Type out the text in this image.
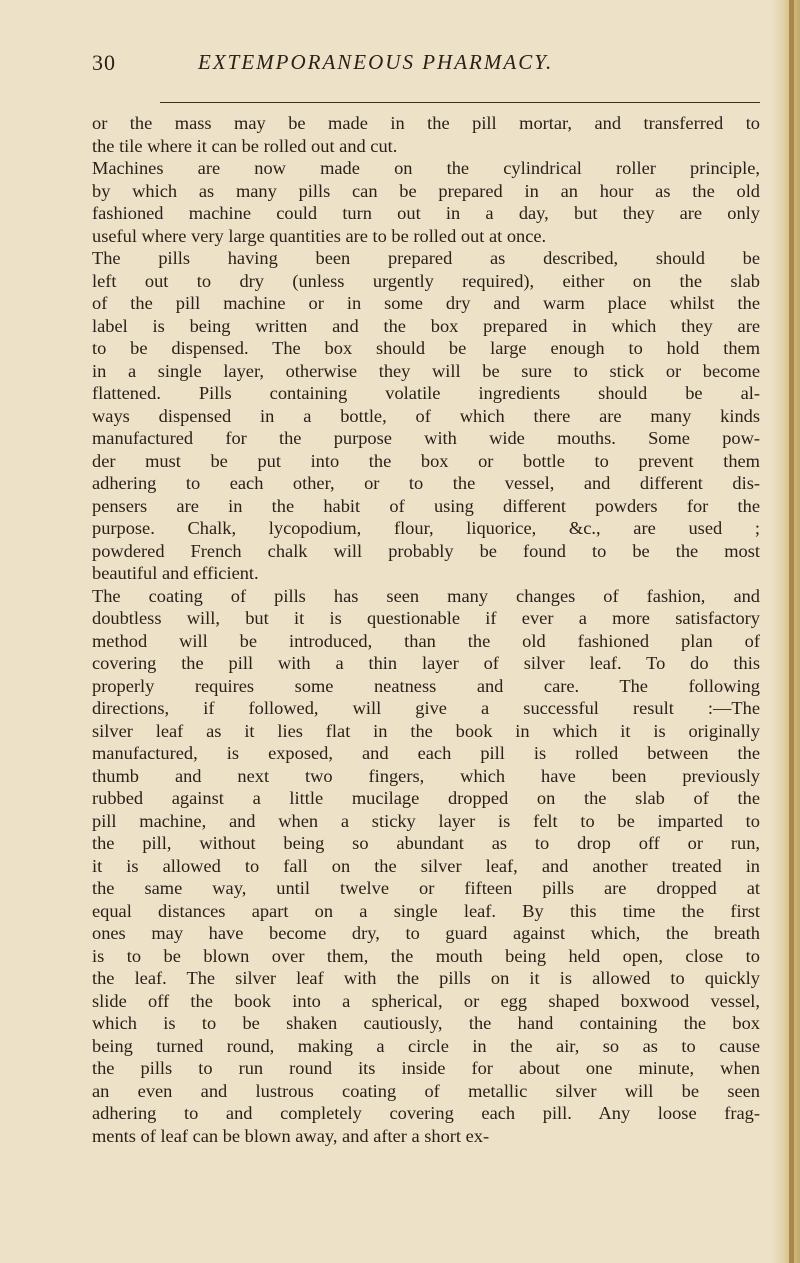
30	EXTEMPORANEOUS PHARMACY.
or the mass may be made in the pill mortar, and transferred to
the tile where it can be rolled out and cut.
Machines are now made on the cylindrical roller principle,
by which as many pills can be prepared in an hour as the old
fashioned machine could turn out in a day, but they are only
useful where very large quantities are to be rolled out at once.
The pills having been prepared as described, should be
left out to dry (unless urgently required), either on the slab
of the pill machine or in some dry and warm place whilst the
label is being written and the box prepared in which they are
to be dispensed. The box should be large enough to hold them
in a single layer, otherwise they will be sure to stick or become
flattened. Pills containing volatile ingredients should be al-
ways dispensed in a bottle, of which there are many kinds
manufactured for the purpose with wide mouths. Some pow-
der must be put into the box or bottle to prevent them
adhering to each other, or to the vessel, and different dis-
pensers are in the habit of using different powders for the
purpose. Chalk, lycopodium, flour, liquorice, &c., are used ;
powdered French chalk will probably be found to be the most
beautiful and efficient.
The coating of pills has seen many changes of fashion, and
doubtless will, but it is questionable if ever a more satisfactory
method will be introduced, than the old fashioned plan of
covering the pill with a thin layer of silver leaf. To do this
properly requires some neatness and care. The following
directions, if followed, will give a successful result :—The
silver leaf as it lies flat in the book in which it is originally
manufactured, is exposed, and each pill is rolled between the
thumb and next two fingers, which have been previously
rubbed against a little mucilage dropped on the slab of the
pill machine, and when a sticky layer is felt to be imparted to
the pill, without being so abundant as to drop off or run,
it is allowed to fall on the silver leaf, and another treated in
the same way, until twelve or fifteen pills are dropped at
equal distances apart on a single leaf. By this time the first
ones may have become dry, to guard against which, the breath
is to be blown over them, the mouth being held open, close to
the leaf. The silver leaf with the pills on it is allowed to quickly
slide off the book into a spherical, or egg shaped boxwood vessel,
which is to be shaken cautiously, the hand containing the box
being turned round, making a circle in the air, so as to cause
the pills to run round its inside for about one minute, when
an even and lustrous coating of metallic silver will be seen
adhering to and completely covering each pill. Any loose frag-
ments of leaf can be blown away, and after a short ex-
